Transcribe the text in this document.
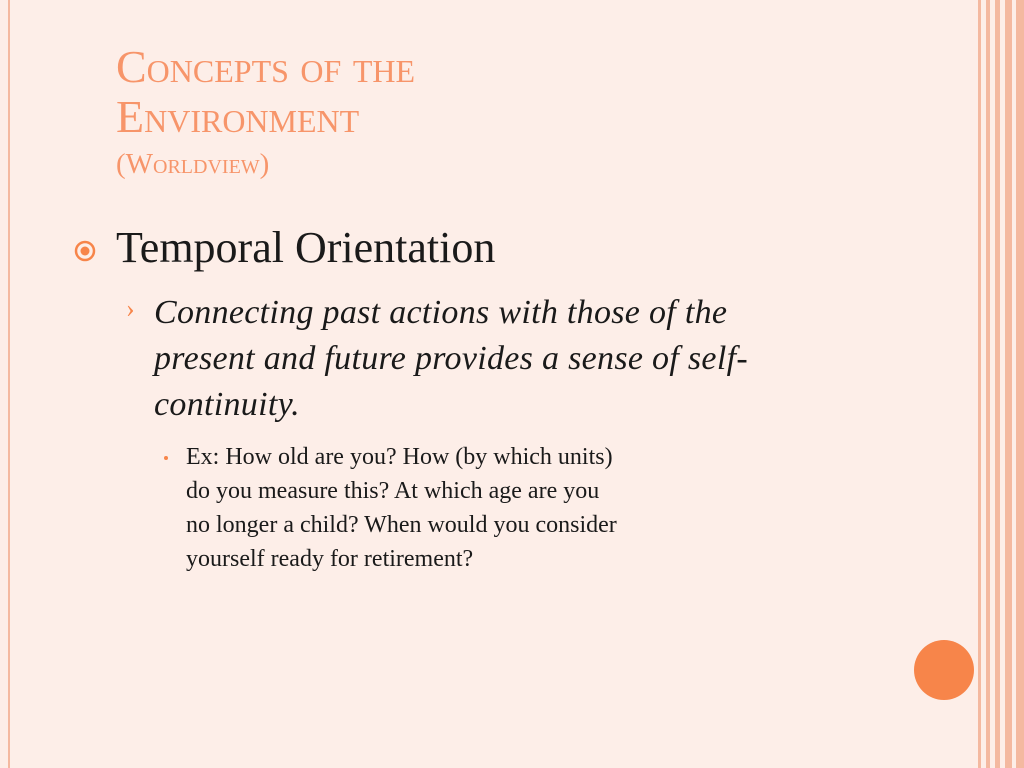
Concepts of the
Environment
(Worldview)
Temporal Orientation
› Connecting past actions with those of the present and future provides a sense of self-continuity.
Ex: How old are you? How (by which units)
do you measure this? At which age are you
no longer a child? When would you consider
yourself ready for retirement?
